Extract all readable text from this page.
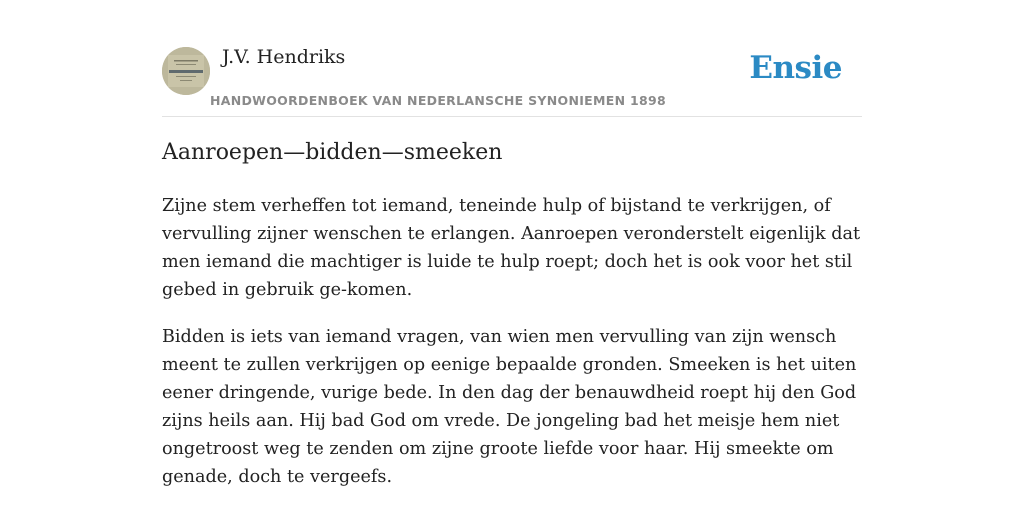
J.V. Hendriks
HANDWOORDENBOEK VAN NEDERLANSCHE SYNONIEMEN 1898
Ensie
Aanroepen—bidden—smeeken

Zijne stem verheffen tot iemand, teneinde hulp of bijstand te verkrijgen, of vervulling zijner wenschen te erlangen. Aanroepen veronderstelt eigenlijk dat men iemand die machtiger is luide te hulp roept; doch het is ook voor het stil gebed in gebruik ge-komen.

Bidden is iets van iemand vragen, van wien men vervulling van zijn wensch meent te zullen verkrijgen op eenige bepaalde gronden. Smeeken is het uiten eener dringende, vurige bede. In den dag der benauwdheid roept hij den God zijns heils aan. Hij bad God om vrede. De jongeling bad het meisje hem niet ongetroost weg te zenden om zijne groote liefde voor haar. Hij smeekte om genade, doch te vergeefs.
